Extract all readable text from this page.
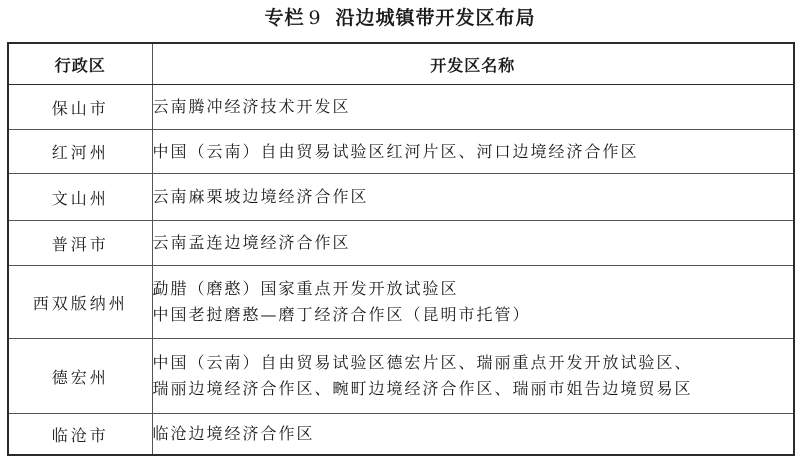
专栏 9 沿边城镇带开发区布局
行政区	开发区名称
保山市	云南腾冲经济技术开发区

红河州	中国（云南）自由贸易试验区红河片区、河口边境经济合作区

文山州	云南麻栗坡边境经济合作区

普洱市	云南孟连边境经济合作区

西双版纳州	勐腊（磨憨）国家重点开发开放试验区
中国老挝磨憨—磨丁经济合作区（昆明市托管）

德宏州	中国（云南）自由贸易试验区德宏片区、瑞丽重点开发开放试验区、
瑞丽边境经济合作区、畹町边境经济合作区、瑞丽市姐告边境贸易区

临沧市	临沧边境经济合作区
